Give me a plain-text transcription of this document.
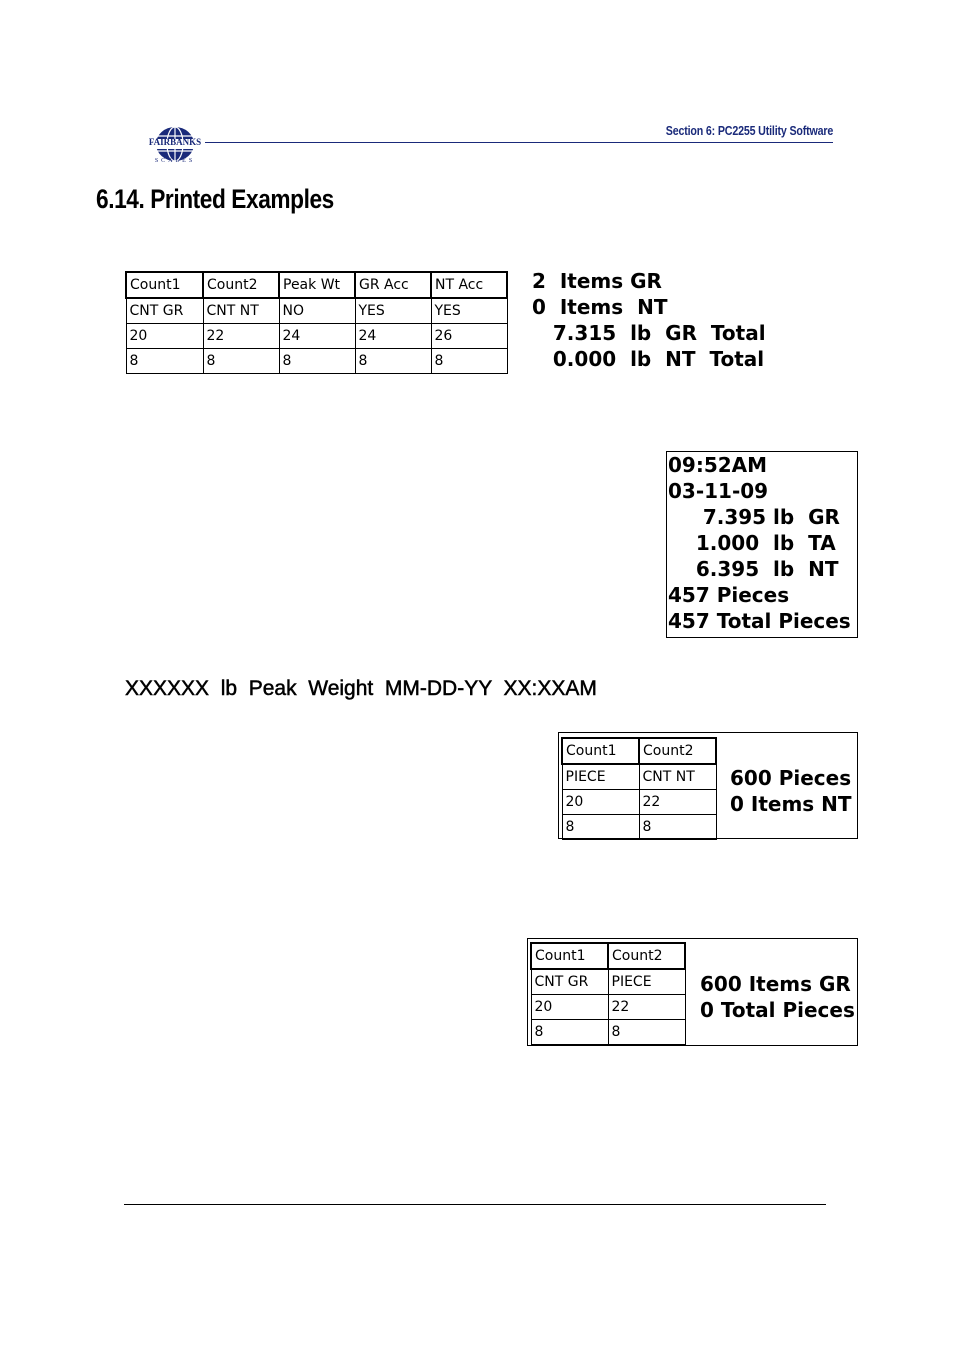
FAIRBANKS
SCALES
Section 6: PC2255 Utility Software
6.14. Printed Examples
Count1	Count2	Peak Wt	GR Acc	NT Acc
CNT GR	CNT NT	NO	YES	YES
20	22	24	24	26
8	8	8	8	8
2  Items GR
0  Items  NT
7.315  lb  GR  Total
0.000  lb  NT  Total
09:52AM
03-11-09
7.395 lb  GR
1.000  lb  TA
6.395  lb  NT
457 Pieces
457 Total Pieces
XXXXXX  lb  Peak  Weight  MM-DD-YY  XX:XXAM
Count1	Count2
PIECE	CNT NT
20	22
8	8
600 Pieces
0 Items NT
Count1	Count2
CNT GR	PIECE
20	22
8	8
600 Items GR
0 Total Pieces
